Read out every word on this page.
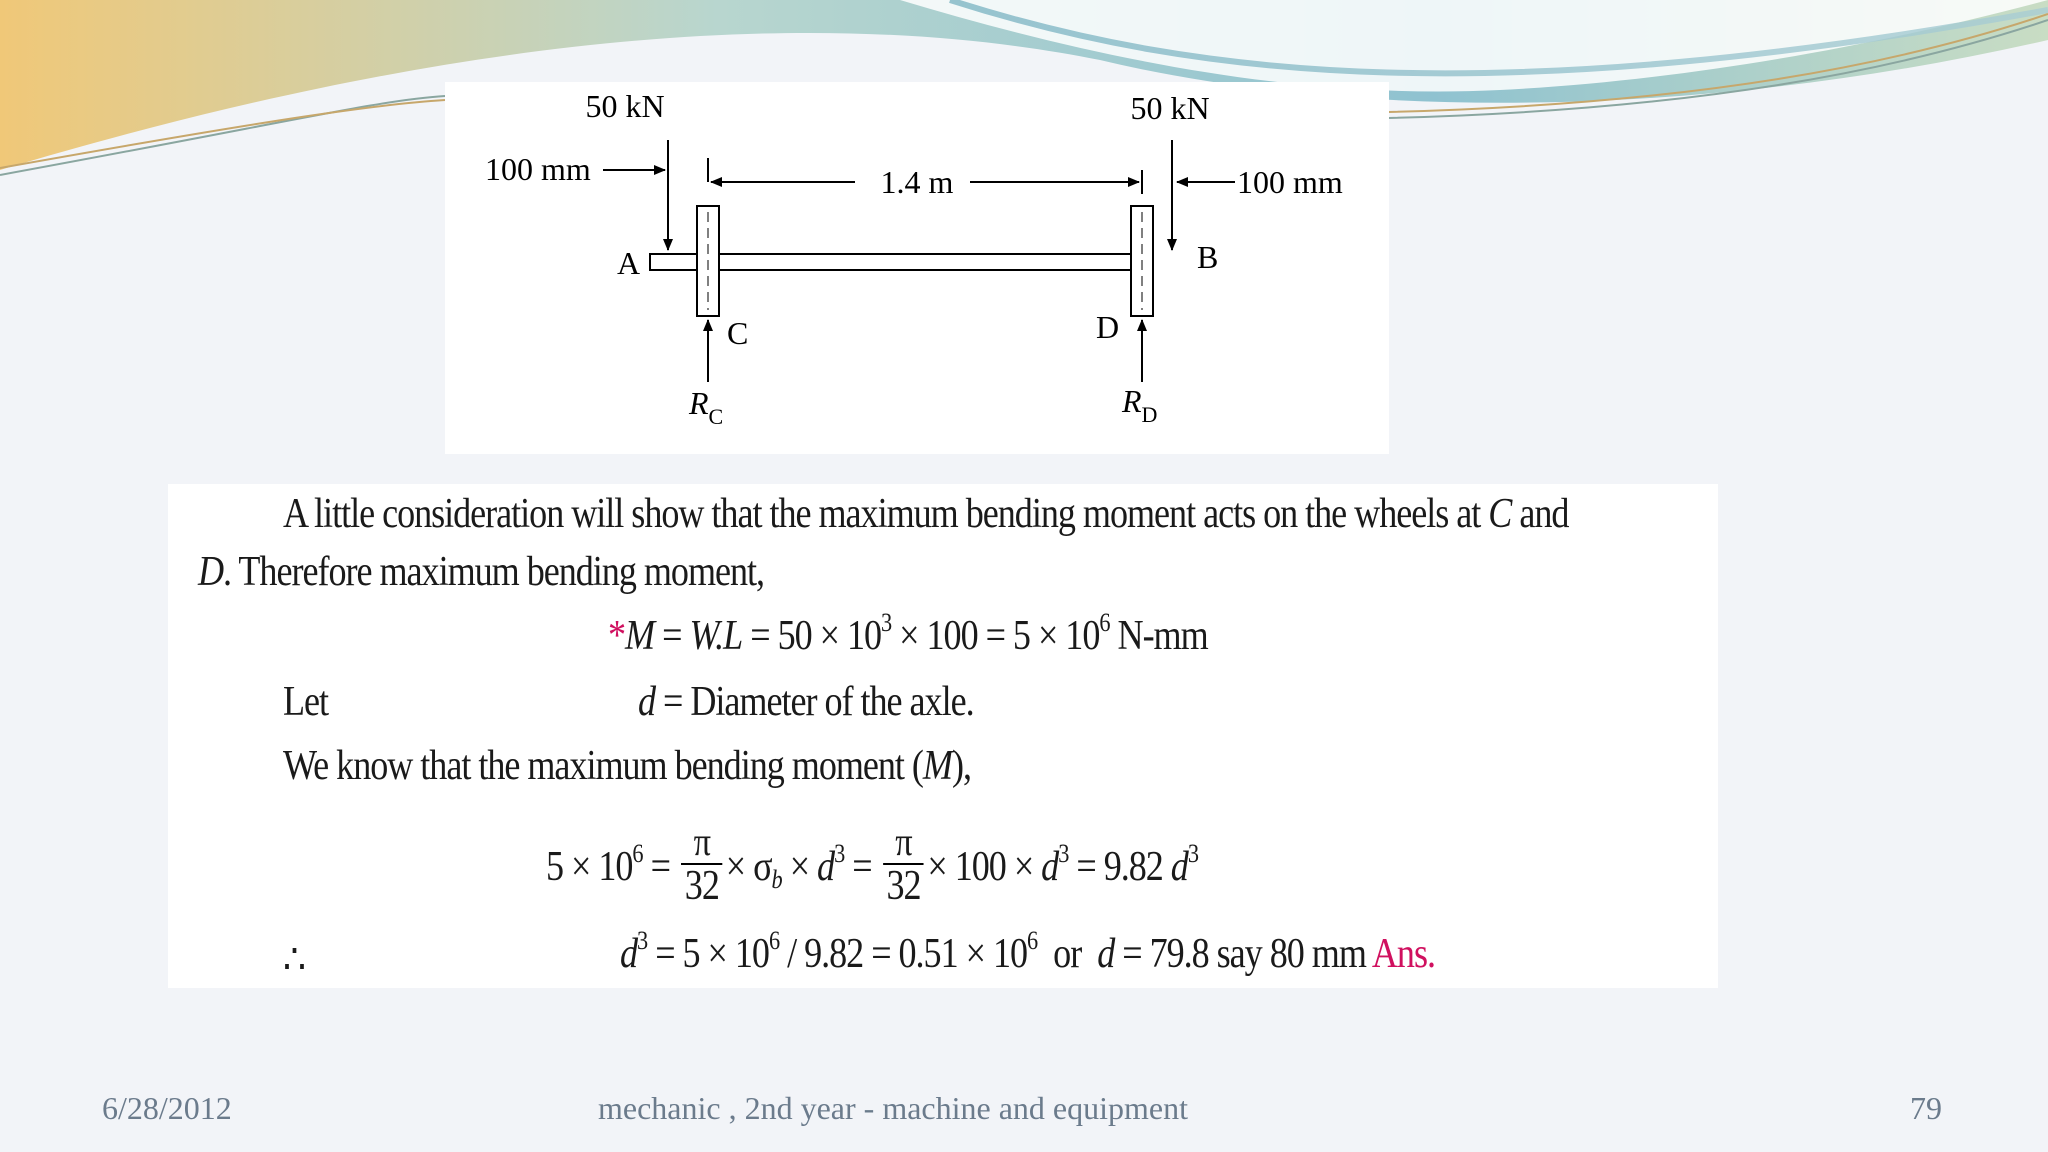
50 kN	50 kN
100 mm	1.4 m	100 mm
A	B
C	D
$R_C$	$R_D$
A little consideration will show that the maximum bending moment acts on the wheels at C and
D. Therefore maximum bending moment,
$*M = W.L = 50 \times 10^3 \times 100 = 5 \times 10^6$ N-mm
Let	d = Diameter of the axle.
We know that the maximum bending moment (M),
$5 \times 10^6 = \frac{\pi}{32} \times \sigma_b \times d^3 = \frac{\pi}{32} \times 100 \times d^3 = 9.82$ $d^3$
∴	$d^3 = 5 \times 10^6 / 9.82 = 0.51 \times 10^6$  or  d = 79.8 say 80 mm Ans.
6/28/2012	mechanic , 2nd year - machine and equipment	79
